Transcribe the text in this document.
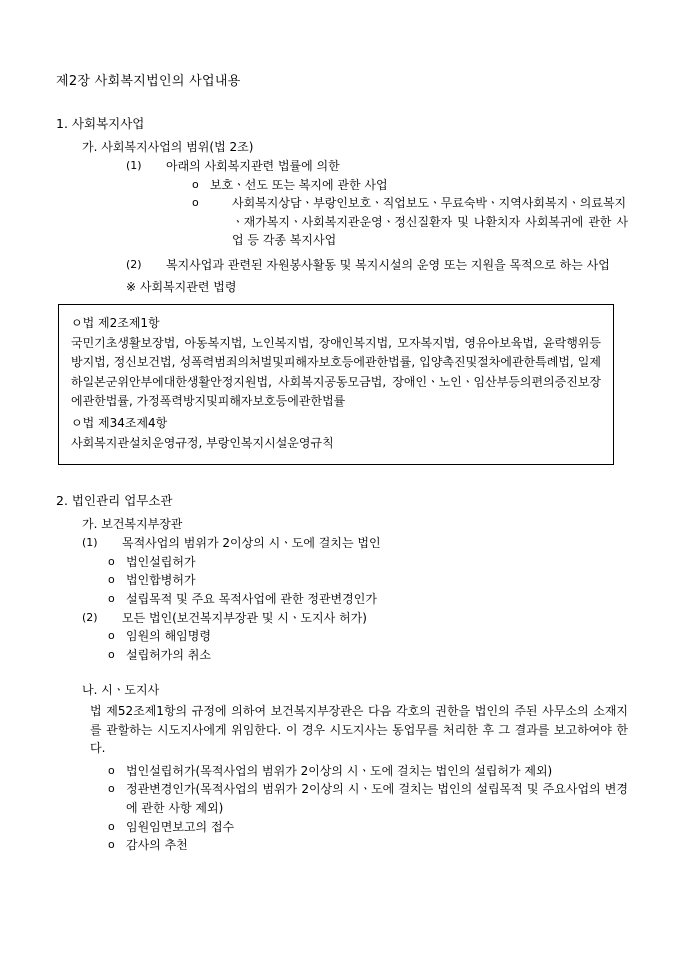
제2장 사회복지법인의 사업내용
1. 사회복지사업
가. 사회복지사업의 범위(법 2조)
(1)	아래의 사회복지관련 법률에 의한
o 보호ㆍ선도 또는 복지에 관한 사업
o	사회복지상담ㆍ부랑인보호ㆍ직업보도ㆍ무료숙박ㆍ지역사회복지ㆍ의료복지ㆍ재가복지ㆍ사회복지관운영ㆍ정신질환자 및 나환치자 사회복귀에 관한 사업 등 각종 복지사업
(2)	복지사업과 관련된 자원봉사활동 및 복지시설의 운영 또는 지원을 목적으로 하는 사업
※ 사회복지관련 법령

ㅇ법 제2조제1항

국민기초생활보장법, 아동복지법, 노인복지법, 장애인복지법, 모자복지법, 영유아보육법, 윤락행위등방지법, 정신보건법, 성폭력범죄의처벌및피해자보호등에관한법률, 입양촉진및절차에관한특례법, 일제하일본군위안부에대한생활안정지원법, 사회복지공동모금법, 장애인ㆍ노인ㆍ임산부등의편의증진보장에관한법률, 가정폭력방지및피해자보호등에관한법률

ㅇ법 제34조제4항

사회복지관설치운영규정, 부랑인복지시설운영규칙

2. 법인관리 업무소관
가. 보건복지부장관
(1)	목적사업의 범위가 2이상의 시ㆍ도에 걸치는 법인
o 법인설립허가
o 법인합병허가
o 설립목적 및 주요 목적사업에 관한 정관변경인가
(2)	모든 법인(보건복지부장관 및 시ㆍ도지사 허가)
o 임원의 해임명령
o 설립허가의 취소
나. 시ㆍ도지사
법 제52조제1항의 규정에 의하여 보건복지부장관은 다음 각호의 권한을 법인의 주된 사무소의 소재지를 관할하는 시도지사에게 위임한다. 이 경우 시도지사는 동업무를 처리한 후 그 결과를 보고하여야 한다.
o 법인설립허가(목적사업의 범위가 2이상의 시ㆍ도에 걸치는 법인의 설립허가 제외)
o 정관변경인가(목적사업의 범위가 2이상의 시ㆍ도에 걸치는 법인의 설립목적 및 주요사업의 변경에 관한 사항 제외)
o 임원임면보고의 접수
o 감사의 추천
